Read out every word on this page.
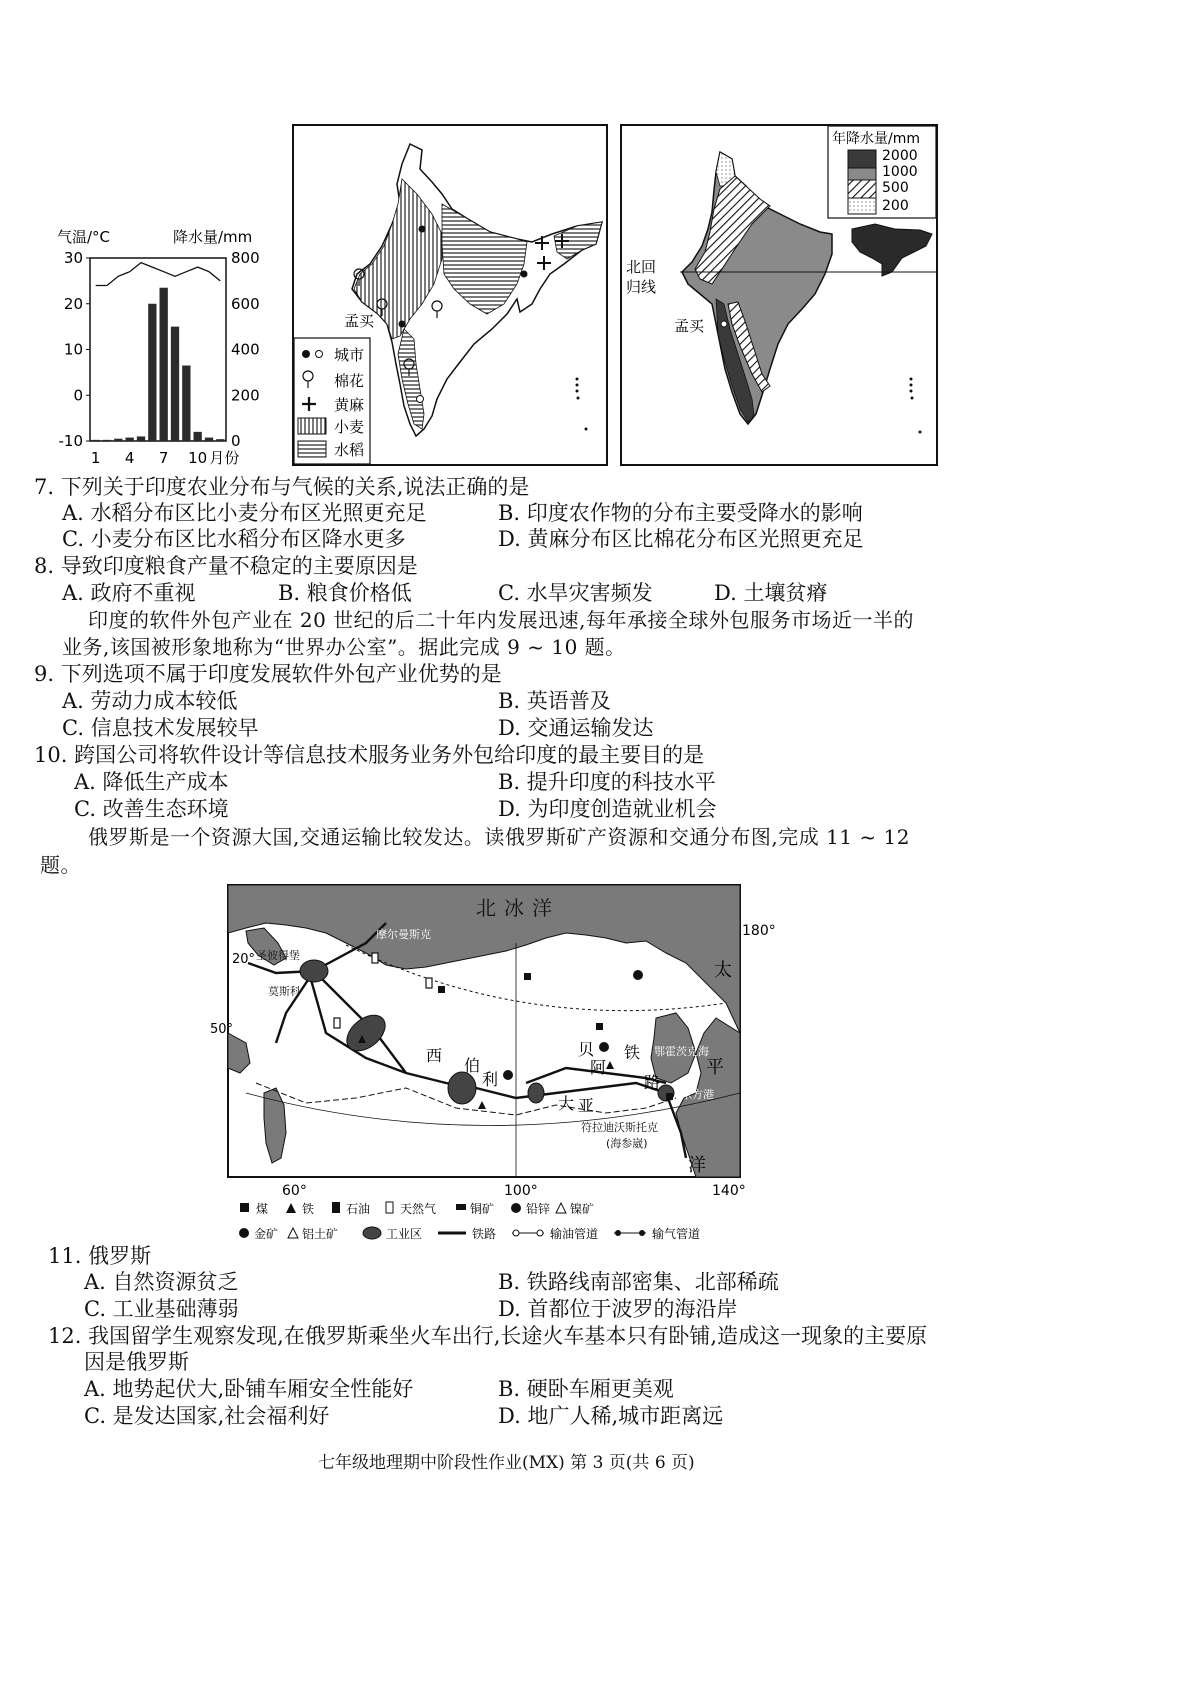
气温/°C	降水量/mm
30
20
10
0
-10
800
600
400
200
0
1 4 7 10 月份
孟买
城市
棉花
黄麻
小麦
水稻
北回
归线
孟买
年降水量/mm
2000
1000
500
200
7. 下列关于印度农业分布与气候的关系,说法正确的是
A. 水稻分布区比小麦分布区光照更充足	B. 印度农作物的分布主要受降水的影响
C. 小麦分布区比水稻分布区降水更多	D. 黄麻分布区比棉花分布区光照更充足
8. 导致印度粮食产量不稳定的主要原因是
A. 政府不重视	B. 粮食价格低	C. 水旱灾害频发	D. 土壤贫瘠
印度的软件外包产业在 20 世纪的后二十年内发展迅速,每年承接全球外包服务市场近一半的
业务,该国被形象地称为“世界办公室”。据此完成 9 ~ 10 题。
9. 下列选项不属于印度发展软件外包产业优势的是
A. 劳动力成本较低	B. 英语普及
C. 信息技术发展较早	D. 交通运输发达
10. 跨国公司将软件设计等信息技术服务业务外包给印度的最主要目的是
A. 降低生产成本	B. 提升印度的科技水平
C. 改善生态环境	D. 为印度创造就业机会
俄罗斯是一个资源大国,交通运输比较发达。读俄罗斯矿产资源和交通分布图,完成 11 ~ 12
题。
北冰洋
摩尔曼斯克
圣彼得堡
莫斯科
鄂霍茨克海
东方港
符拉迪沃斯托克
(海参崴)
西
伯
利
亚
大
贝
阿
铁
路
太
平
洋
20°
50°
180°
60°	100°	140°
煤	铁	石油 天然气	铜矿	铅锌 镍矿
金矿 铝土矿	工业区	铁路	输油管道	输气管道
11. 俄罗斯
A. 自然资源贫乏	B. 铁路线南部密集、北部稀疏
C. 工业基础薄弱	D. 首都位于波罗的海沿岸
12. 我国留学生观察发现,在俄罗斯乘坐火车出行,长途火车基本只有卧铺,造成这一现象的主要原
因是俄罗斯
A. 地势起伏大,卧铺车厢安全性能好	B. 硬卧车厢更美观
C. 是发达国家,社会福利好	D. 地广人稀,城市距离远
七年级地理期中阶段性作业(MX) 第 3 页(共 6 页)
